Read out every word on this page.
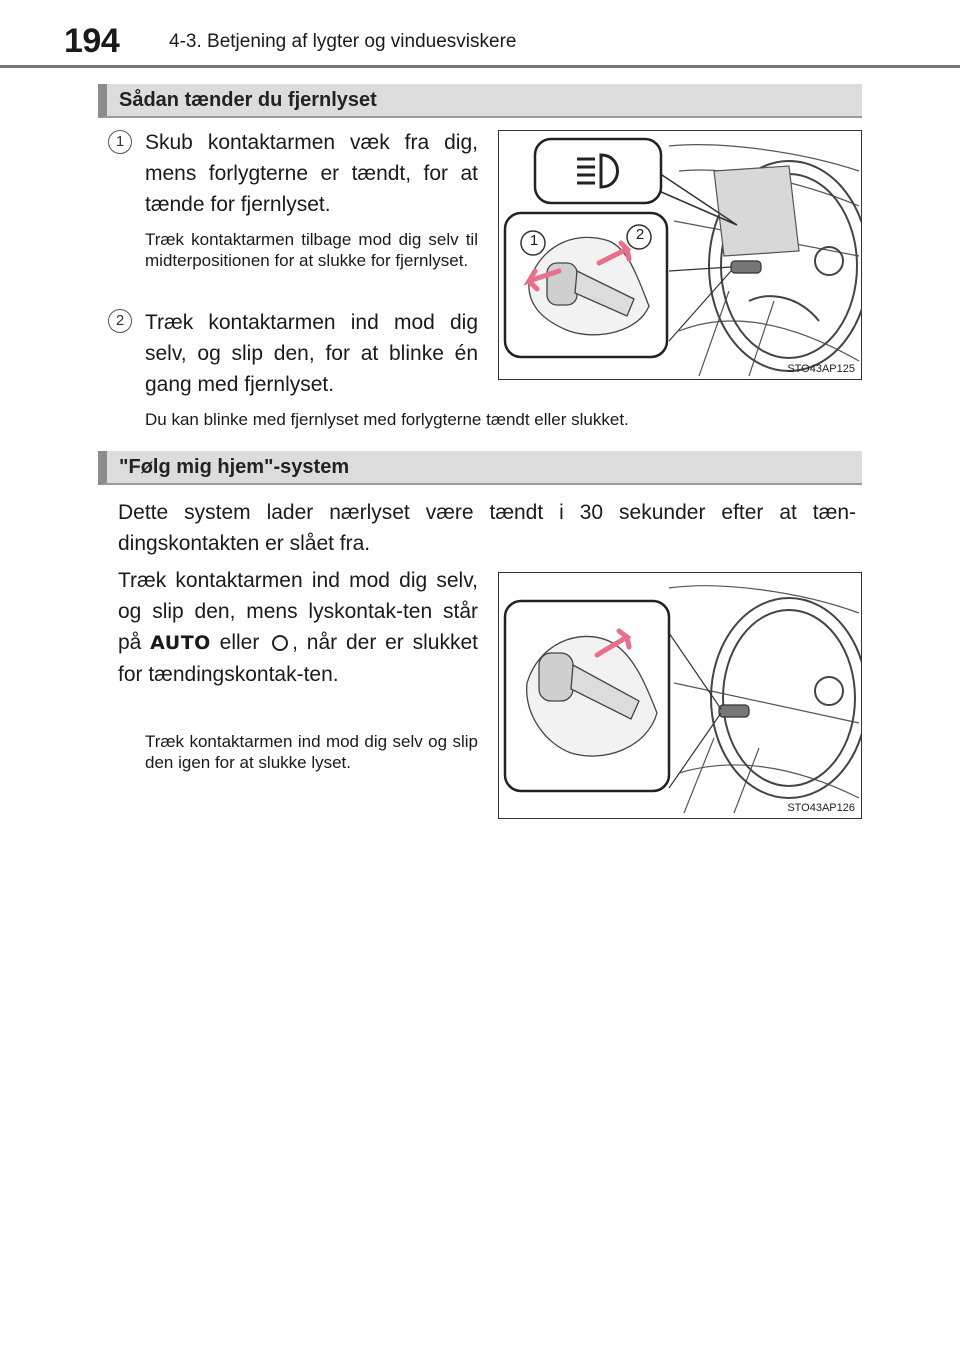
194	4-3. Betjening af lygter og vinduesviskere
Sådan tænder du fjernlyset
1 Skub kontaktarmen væk fra dig, mens forlygterne er tændt, for at tænde for fjernlyset.
Træk kontaktarmen tilbage mod dig selv til midterpositionen for at slukke for fjernlyset.
2 Træk kontaktarmen ind mod dig selv, og slip den, for at blinke én gang med fjernlyset.
Du kan blinke med fjernlyset med forlygterne tændt eller slukket.
1	2
STO43AP125
"Følg mig hjem"-system
Dette system lader nærlyset være tændt i 30 sekunder efter at tæn-dingskontakten er slået fra.
Træk kontaktarmen ind mod dig selv, og slip den, mens lyskontak-ten står på AUTO eller , når der er slukket for tændingskontak-ten.
Træk kontaktarmen ind mod dig selv og slip den igen for at slukke lyset.
STO43AP126
